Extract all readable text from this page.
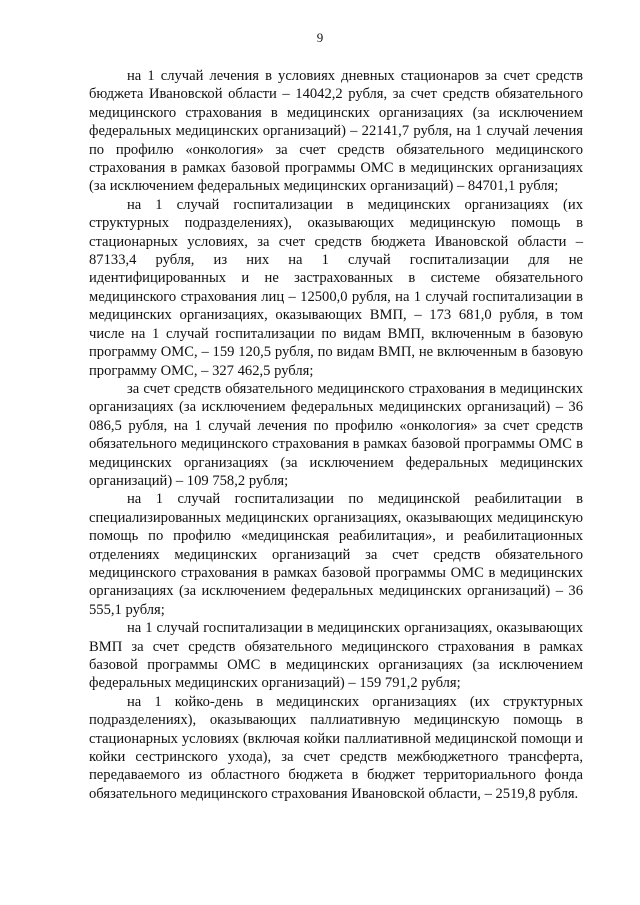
9

на 1 случай лечения в условиях дневных стационаров за счет средств бюджета Ивановской области – 14042,2 рубля, за счет средств обязательного медицинского страхования в медицинских организациях (за исключением федеральных медицинских организаций) – 22141,7 рубля, на 1 случай лечения по профилю «онкология» за счет средств обязательного медицинского страхования в рамках базовой программы ОМС в медицинских организациях (за исключением федеральных медицинских организаций) – 84701,1 рубля;

на 1 случай госпитализации в медицинских организациях (их структурных подразделениях), оказывающих медицинскую помощь в стационарных условиях, за счет средств бюджета Ивановской области – 87133,4 рубля, из них на 1 случай госпитализации для не идентифицированных и не застрахованных в системе обязательного медицинского страхования лиц – 12500,0 рубля, на 1 случай госпитализации в медицинских организациях, оказывающих ВМП, – 173 681,0 рубля, в том числе на 1 случай госпитализации по видам ВМП, включенным в базовую программу ОМС, – 159 120,5 рубля, по видам ВМП, не включенным в базовую программу ОМС, – 327 462,5 рубля;

за счет средств обязательного медицинского страхования в медицинских организациях (за исключением федеральных медицинских организаций) – 36 086,5 рубля, на 1 случай лечения по профилю «онкология» за счет средств обязательного медицинского страхования в рамках базовой программы ОМС в медицинских организациях (за исключением федеральных медицинских организаций) – 109 758,2 рубля;

на 1 случай госпитализации по медицинской реабилитации в специализированных медицинских организациях, оказывающих медицинскую помощь по профилю «медицинская реабилитация», и реабилитационных отделениях медицинских организаций за счет средств обязательного медицинского страхования в рамках базовой программы ОМС в медицинских организациях (за исключением федеральных медицинских организаций) – 36 555,1 рубля;

на 1 случай госпитализации в медицинских организациях, оказывающих ВМП за счет средств обязательного медицинского страхования в рамках базовой программы ОМС в медицинских организациях (за исключением федеральных медицинских организаций) – 159 791,2 рубля;

на 1 койко-день в медицинских организациях (их структурных подразделениях), оказывающих паллиативную медицинскую помощь в стационарных условиях (включая койки паллиативной медицинской помощи и койки сестринского ухода), за счет средств межбюджетного трансферта, передаваемого из областного бюджета в бюджет территориального фонда обязательного медицинского страхования Ивановской области, – 2519,8 рубля.
